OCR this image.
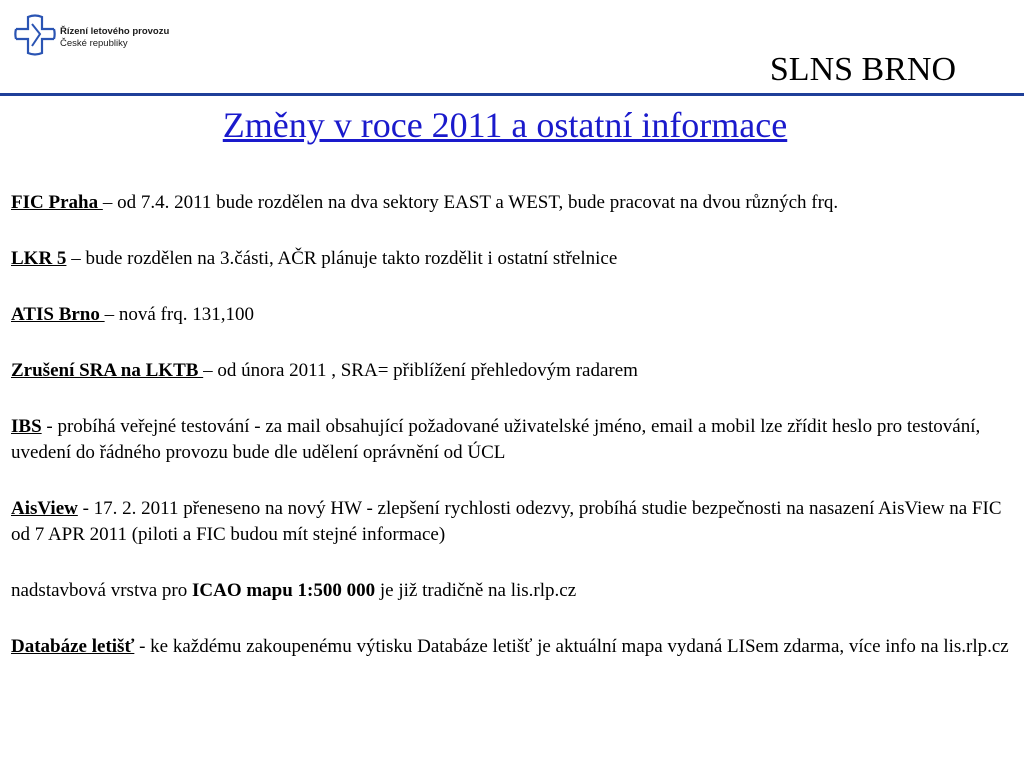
Řízení letového provozu
České republiky
SLNS BRNO
Změny v roce 2011 a ostatní informace

FIC Praha – od 7.4. 2011 bude rozdělen na dva sektory EAST a WEST, bude pracovat na dvou různých frq.

LKR 5 – bude rozdělen na 3.části, AČR plánuje takto rozdělit i ostatní střelnice

ATIS Brno – nová frq. 131,100

Zrušení SRA na LKTB – od února 2011 , SRA= přiblížení přehledovým radarem

IBS - probíhá veřejné testování - za mail obsahující požadované uživatelské jméno, email a mobil lze zřídit heslo pro testování, uvedení do řádného provozu bude dle udělení oprávnění od ÚCL

AisView - 17. 2. 2011 přeneseno na nový HW - zlepšení rychlosti odezvy, probíhá studie bezpečnosti na nasazení AisView na FIC od 7 APR 2011 (piloti a FIC budou mít stejné informace)

nadstavbová vrstva pro ICAO mapu 1:500 000 je již tradičně na lis.rlp.cz

Databáze letišť - ke každému zakoupenému výtisku Databáze letišť je aktuální mapa vydaná LISem zdarma, více info na lis.rlp.cz
